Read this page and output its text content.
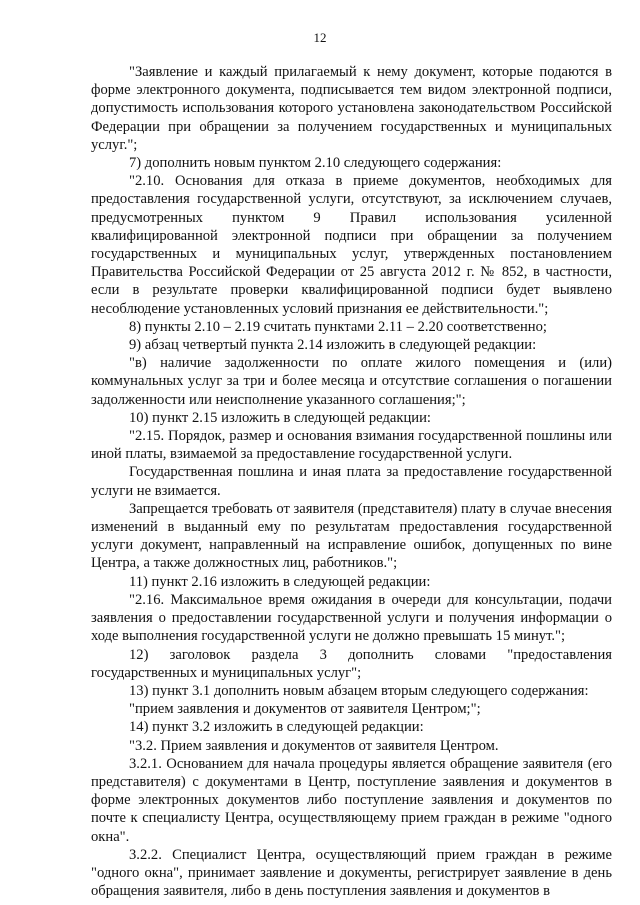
12

"Заявление и каждый прилагаемый к нему документ, которые подаются в форме электронного документа, подписывается тем видом электронной подписи, допустимость использования которого установлена законодательством Российской Федерации при обращении за получением государственных и муниципальных услуг.";

7) дополнить новым пунктом 2.10 следующего содержания:

"2.10. Основания для отказа в приеме документов, необходимых для предоставления государственной услуги, отсутствуют, за исключением случаев, предусмотренных пунктом 9 Правил использования усиленной квалифицированной электронной подписи при обращении за получением государственных и муниципальных услуг, утвержденных постановлением Правительства Российской Федерации от 25 августа 2012 г. № 852, в частности, если в результате проверки квалифицированной подписи будет выявлено несоблюдение установленных условий признания ее действительности.";

8) пункты 2.10 – 2.19 считать пунктами 2.11 – 2.20 соответственно;

9) абзац четвертый пункта 2.14 изложить в следующей редакции:

"в) наличие задолженности по оплате жилого помещения и (или) коммунальных услуг за три и более месяца и отсутствие соглашения о погашении задолженности или неисполнение указанного соглашения;";

10) пункт 2.15 изложить в следующей редакции:

"2.15. Порядок, размер и основания взимания государственной пошлины или иной платы, взимаемой за предоставление государственной услуги.

Государственная пошлина и иная плата за предоставление государственной услуги не взимается.

Запрещается требовать от заявителя (представителя) плату в случае внесения изменений в выданный ему по результатам предоставления государственной услуги документ, направленный на исправление ошибок, допущенных по вине Центра, а также должностных лиц, работников.";

11) пункт 2.16 изложить в следующей редакции:

"2.16. Максимальное время ожидания в очереди для консультации, подачи заявления о предоставлении государственной услуги и получения информации о ходе выполнения государственной услуги не должно превышать 15 минут.";

12) заголовок раздела 3 дополнить словами "предоставления государственных и муниципальных услуг";

13) пункт 3.1 дополнить новым абзацем вторым следующего содержания:

"прием заявления и документов от заявителя Центром;";

14) пункт 3.2 изложить в следующей редакции:

"3.2. Прием заявления и документов от заявителя Центром.

3.2.1. Основанием для начала процедуры является обращение заявителя (его представителя) с документами в Центр, поступление заявления и документов в форме электронных документов либо поступление заявления и документов по почте к специалисту Центра, осуществляющему прием граждан в режиме "одного окна".

3.2.2. Специалист Центра, осуществляющий прием граждан в режиме "одного окна", принимает заявление и документы, регистрирует заявление в день обращения заявителя, либо в день поступления заявления и документов в
